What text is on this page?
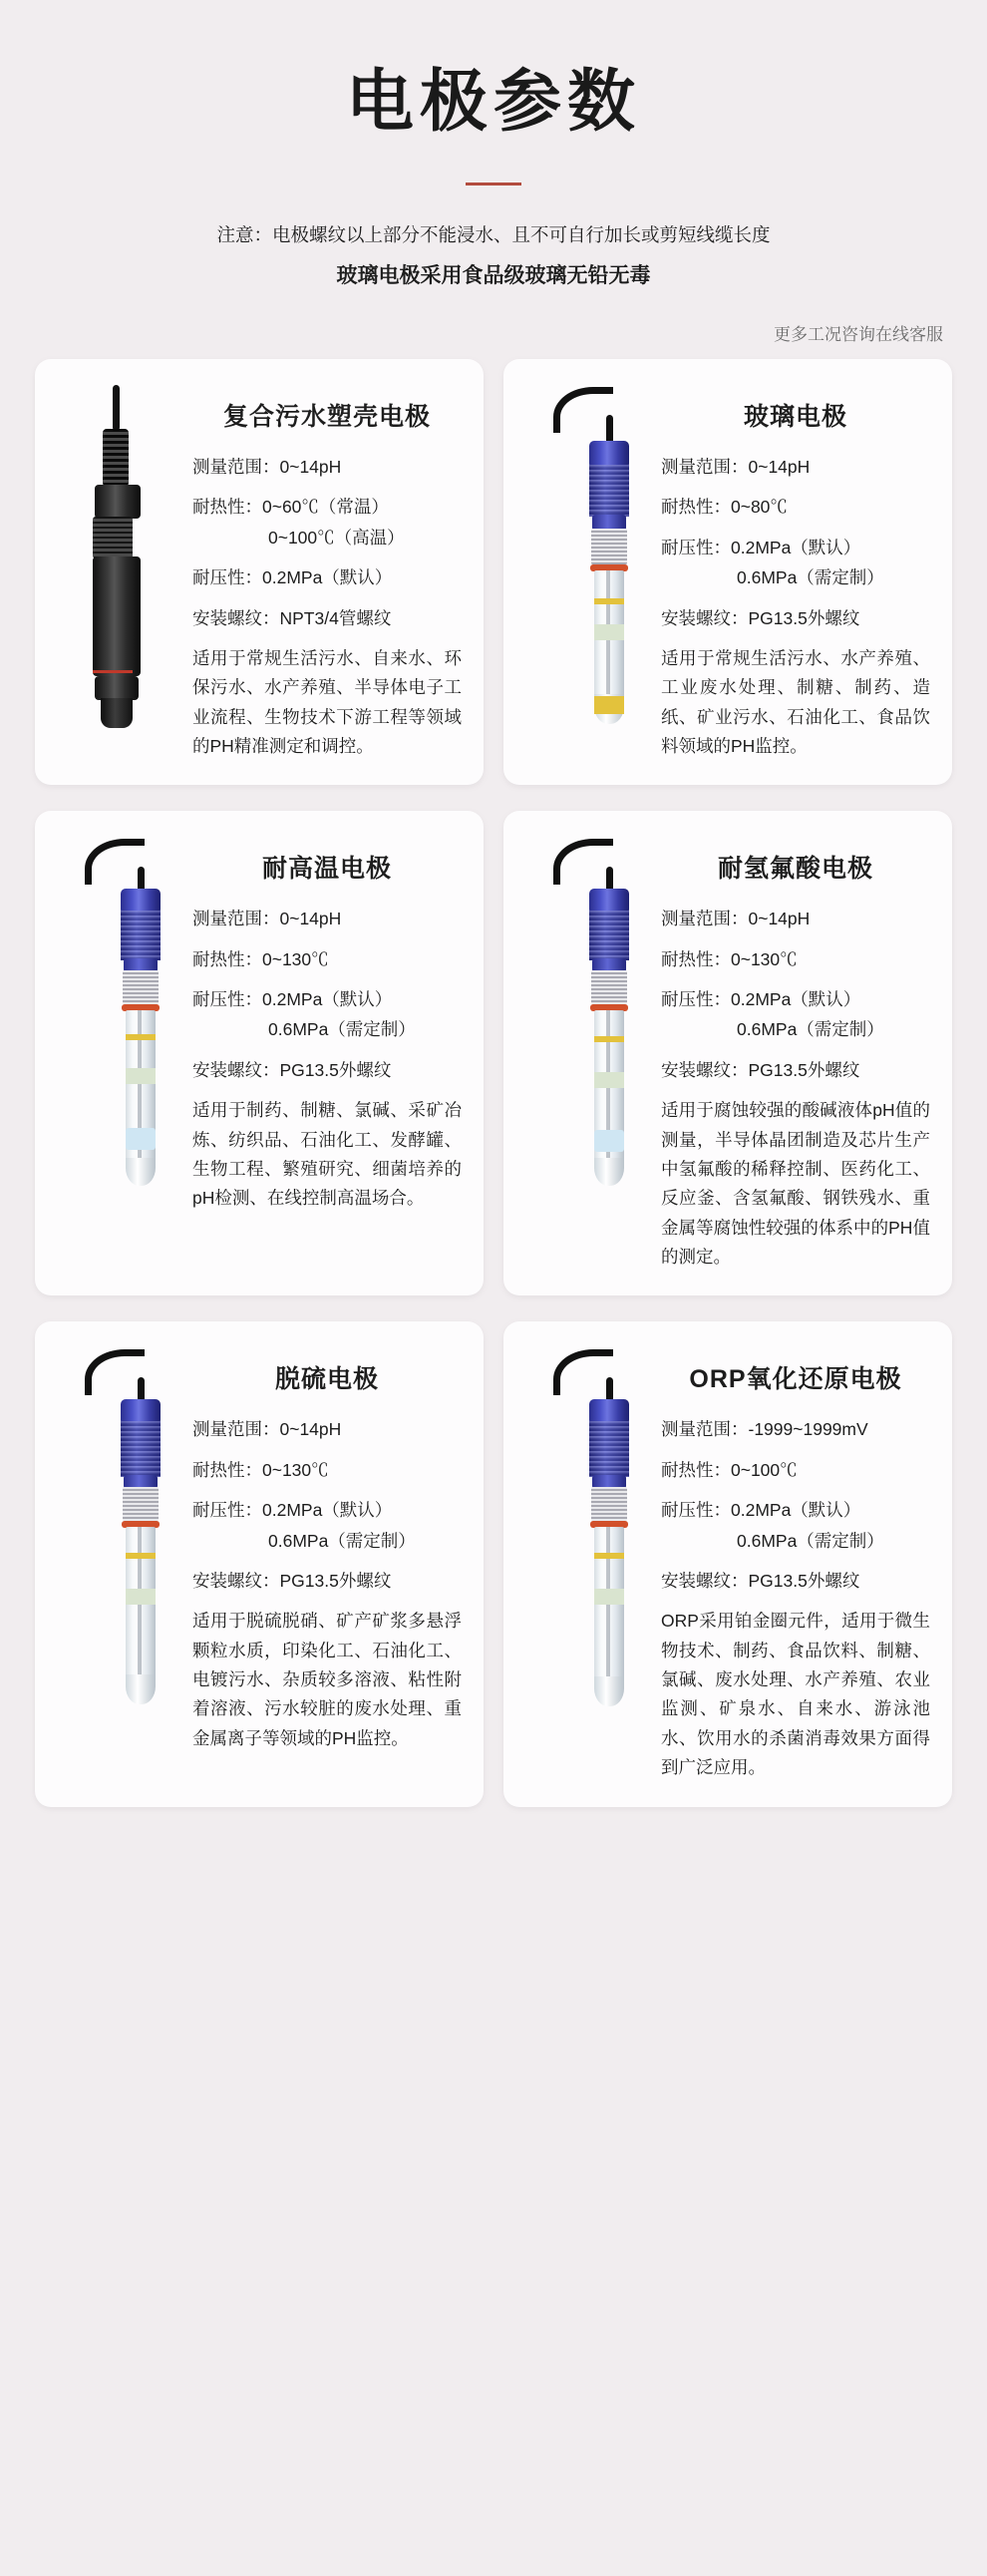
电极参数
注意：电极螺纹以上部分不能浸水、且不可自行加长或剪短线缆长度
玻璃电极采用食品级玻璃无铅无毒
更多工况咨询在线客服
复合污水塑壳电极
测量范围：0~14pH
耐热性：0~60℃（常温）
0~100℃（高温）
耐压性：0.2MPa（默认）
安装螺纹：NPT3/4管螺纹
适用于常规生活污水、自来水、环保污水、水产养殖、半导体电子工业流程、生物技术下游工程等领域的PH精准测定和调控。
玻璃电极
测量范围：0~14pH
耐热性：0~80℃
耐压性：0.2MPa（默认）
0.6MPa（需定制）
安装螺纹：PG13.5外螺纹
适用于常规生活污水、水产养殖、工业废水处理、制糖、制药、造纸、矿业污水、石油化工、食品饮料领域的PH监控。
耐高温电极
测量范围：0~14pH
耐热性：0~130℃
耐压性：0.2MPa（默认）
0.6MPa（需定制）
安装螺纹：PG13.5外螺纹
适用于制药、制糖、氯碱、采矿冶炼、纺织品、石油化工、发酵罐、生物工程、繁殖研究、细菌培养的pH检测、在线控制高温场合。
耐氢氟酸电极
测量范围：0~14pH
耐热性：0~130℃
耐压性：0.2MPa（默认）
0.6MPa（需定制）
安装螺纹：PG13.5外螺纹
适用于腐蚀较强的酸碱液体pH值的测量，半导体晶团制造及芯片生产中氢氟酸的稀释控制、医药化工、反应釜、含氢氟酸、钢铁残水、重金属等腐蚀性较强的体系中的PH值的测定。
脱硫电极
测量范围：0~14pH
耐热性：0~130℃
耐压性：0.2MPa（默认）
0.6MPa（需定制）
安装螺纹：PG13.5外螺纹
适用于脱硫脱硝、矿产矿浆多悬浮颗粒水质，印染化工、石油化工、电镀污水、杂质较多溶液、粘性附着溶液、污水较脏的废水处理、重金属离子等领域的PH监控。
ORP氧化还原电极
测量范围：-1999~1999mV
耐热性：0~100℃
耐压性：0.2MPa（默认）
0.6MPa（需定制）
安装螺纹：PG13.5外螺纹
ORP采用铂金圈元件，适用于微生物技术、制药、食品饮料、制糖、氯碱、废水处理、水产养殖、农业监测、矿泉水、自来水、游泳池水、饮用水的杀菌消毒效果方面得到广泛应用。
